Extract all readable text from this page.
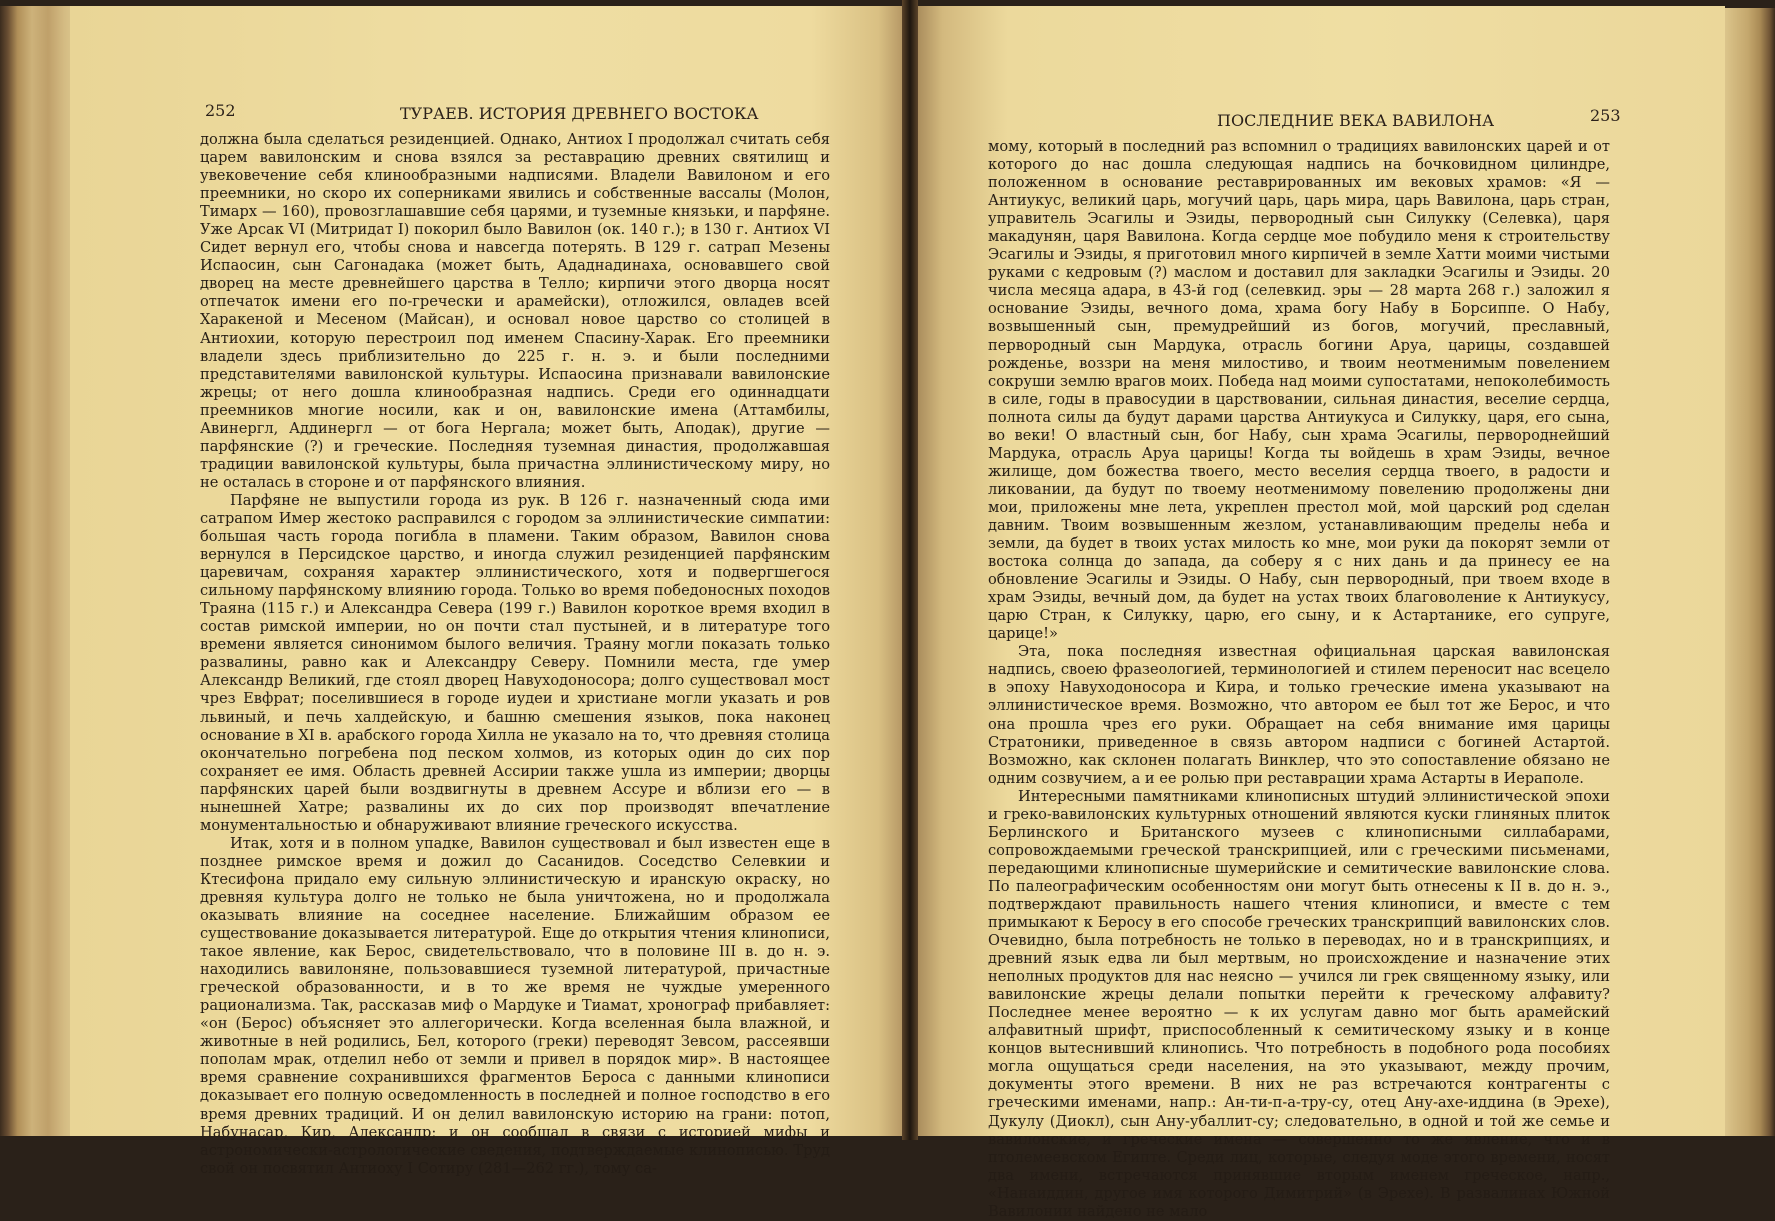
252	ТУРАЕВ. ИСТОРИЯ ДРЕВНЕГО ВОСТОКА	ПОСЛЕДНИЕ ВЕКА ВАВИЛОНА	253

должна была сделаться резиденцией. Однако, Антиох I продолжал считать себя царем вавилонским и снова взялся за реставрацию древних святилищ и увековечение себя клинообразными надписями. Владели Вавилоном и его преемники, но скоро их соперниками явились и собственные вассалы (Молон, Тимарх — 160), провозглашавшие себя царями, и туземные князьки, и парфяне. Уже Арсак VI (Митридат I) покорил было Вавилон (ок. 140 г.); в 130 г. Антиох VI Сидет вернул его, чтобы снова и навсегда потерять. В 129 г. сатрап Мезены Испаосин, сын Сагонадака (может быть, Ададнадинаха, основавшего свой дворец на месте древнейшего царства в Телло; кирпичи этого дворца носят отпечаток имени его по-гречески и арамейски), отложился, овладев всей Харакеной и Месеном (Майсан), и основал новое царство со столицей в Антиохии, которую перестроил под именем Спасину-Харак. Его преемники владели здесь приблизительно до 225 г. н. э. и были последними представителями вавилонской культуры. Испаосина признавали вавилонские жрецы; от него дошла клинообразная надпись. Среди его одиннадцати преемников многие носили, как и он, вавилонские имена (Аттамбилы, Авинергл, Аддинергл — от бога Нергала; может быть, Аподак), другие — парфянские (?) и греческие. Последняя туземная династия, продолжавшая традиции вавилонской культуры, была причастна эллинистическому миру, но не осталась в стороне и от парфянского влияния.

Парфяне не выпустили города из рук. В 126 г. назначенный сюда ими сатрапом Имер жестоко расправился с городом за эллинистические симпатии: большая часть города погибла в пламени. Таким образом, Вавилон снова вернулся в Персидское царство, и иногда служил резиденцией парфянским царевичам, сохраняя характер эллинистического, хотя и подвергшегося сильному парфянскому влиянию города. Только во время победоносных походов Траяна (115 г.) и Александра Севера (199 г.) Вавилон короткое время входил в состав римской империи, но он почти стал пустыней, и в литературе того времени является синонимом былого величия. Траяну могли показать только развалины, равно как и Александру Северу. Помнили места, где умер Александр Великий, где стоял дворец Навуходоносора; долго существовал мост чрез Евфрат; поселившиеся в городе иудеи и христиане могли указать и ров львиный, и печь халдейскую, и башню смешения языков, пока наконец основание в XI в. арабского города Хилла не указало на то, что древняя столица окончательно погребена под песком холмов, из которых один до сих пор сохраняет ее имя. Область древней Ассирии также ушла из империи; дворцы парфянских царей были воздвигнуты в древнем Ассуре и вблизи его — в нынешней Хатре; развалины их до сих пор производят впечатление монументальностью и обнаруживают влияние греческого искусства.

Итак, хотя и в полном упадке, Вавилон существовал и был известен еще в позднее римское время и дожил до Сасанидов. Соседство Селевкии и Ктесифона придало ему сильную эллинистическую и иранскую окраску, но древняя культура долго не только не была уничтожена, но и продолжала оказывать влияние на соседнее население. Ближайшим образом ее существование доказывается литературой. Еще до открытия чтения клинописи, такое явление, как Берос, свидетельствовало, что в половине III в. до н. э. находились вавилоняне, пользовавшиеся туземной литературой, причастные греческой образованности, и в то же время не чуждые умеренного рационализма. Так, рассказав миф о Мардуке и Тиамат, хронограф прибавляет: «он (Берос) объясняет это аллегорически. Когда вселенная была влажной, и животные в ней родились, Бел, которого (греки) переводят Зевсом, рассеявши пополам мрак, отделил небо от земли и привел в порядок мир». В настоящее время сравнение сохранившихся фрагментов Бероса с данными клинописи доказывает его полную осведомленность в последней и полное господство в его время древних традиций. И он делил вавилонскую историю на грани: потоп, Набунасар, Кир, Александр; и он сообщал в связи с историей мифы и астрономически-астрологические сведения, подтверждаемые клинописью. Труд свой он посвятил Антиоху I Сотиру (281—262 гг.), тому са-

мому, который в последний раз вспомнил о традициях вавилонских царей и от которого до нас дошла следующая надпись на бочковидном цилиндре, положенном в основание реставрированных им вековых храмов: «Я — Антиукус, великий царь, могучий царь, царь мира, царь Вавилона, царь стран, управитель Эсагилы и Эзиды, первородный сын Силукку (Селевка), царя макадунян, царя Вавилона. Когда сердце мое побудило меня к строительству Эсагилы и Эзиды, я приготовил много кирпичей в земле Хатти моими чистыми руками с кедровым (?) маслом и доставил для закладки Эсагилы и Эзиды. 20 числа месяца адара, в 43-й год (селевкид. эры — 28 марта 268 г.) заложил я основание Эзиды, вечного дома, храма богу Набу в Борсиппе. О Набу, возвышенный сын, премудрейший из богов, могучий, преславный, первородный сын Мардука, отрасль богини Аруа, царицы, создавшей рожденье, воззри на меня милостиво, и твоим неотменимым повелением сокруши землю врагов моих. Победа над моими супостатами, непоколебимость в силе, годы в правосудии в царствовании, сильная династия, веселие сердца, полнота силы да будут дарами царства Антиукуса и Силукку, царя, его сына, во веки! О властный сын, бог Набу, сын храма Эсагилы, первороднейший Мардука, отрасль Аруа царицы! Когда ты войдешь в храм Эзиды, вечное жилище, дом божества твоего, место веселия сердца твоего, в радости и ликовании, да будут по твоему неотменимому повелению продолжены дни мои, приложены мне лета, укреплен престол мой, мой царский род сделан давним. Твоим возвышенным жезлом, устанавливающим пределы неба и земли, да будет в твоих устах милость ко мне, мои руки да покорят земли от востока солнца до запада, да соберу я с них дань и да принесу ее на обновление Эсагилы и Эзиды. О Набу, сын первородный, при твоем входе в храм Эзиды, вечный дом, да будет на устах твоих благоволение к Антиукусу, царю Стран, к Силукку, царю, его сыну, и к Астартанике, его супруге, царице!»

Эта, пока последняя известная официальная царская вавилонская надпись, своею фразеологией, терминологией и стилем переносит нас всецело в эпоху Навуходоносора и Кира, и только греческие имена указывают на эллинистическое время. Возможно, что автором ее был тот же Берос, и что она прошла чрез его руки. Обращает на себя внимание имя царицы Стратоники, приведенное в связь автором надписи с богиней Астартой. Возможно, как склонен полагать Винклер, что это сопоставление обязано не одним созвучием, а и ее ролью при реставрации храма Астарты в Иераполе.

Интересными памятниками клинописных штудий эллинистической эпохи и греко-вавилонских культурных отношений являются куски глиняных плиток Берлинского и Британского музеев с клинописными силлабарами, сопровождаемыми греческой транскрипцией, или с греческими письменами, передающими клинописные шумерийские и семитические вавилонские слова. По палеографическим особенностям они могут быть отнесены к II в. до н. э., подтверждают правильность нашего чтения клинописи, и вместе с тем примыкают к Беросу в его способе греческих транскрипций вавилонских слов. Очевидно, была потребность не только в переводах, но и в транскрипциях, и древний язык едва ли был мертвым, но происхождение и назначение этих неполных продуктов для нас неясно — учился ли грек священному языку, или вавилонские жрецы делали попытки перейти к греческому алфавиту? Последнее менее вероятно — к их услугам давно мог быть арамейский алфавитный шрифт, приспособленный к семитическому языку и в конце концов вытеснивший клинопись. Что потребность в подобного рода пособиях могла ощущаться среди населения, на это указывают, между прочим, документы этого времени. В них не раз встречаются контрагенты с греческими именами, напр.: Ан-ти-п-а-тру-су, отец Ану-ахе-иддина (в Эрехе), Дукулу (Диокл), сын Ану-убаллит-су; следовательно, в одной и той же семье и вавилонские, и греческие имена — совершенно то же явление, что и в птолемеевском Египте. Среди лиц, которые, следуя моде этого времени, носят два имени, встречаются принявшие вторым именем греческое, напр., «Нанаиддин, другое имя которого Димитрий» (в Эрехе). В развалинах Южной Вавилонии найдено не мало
